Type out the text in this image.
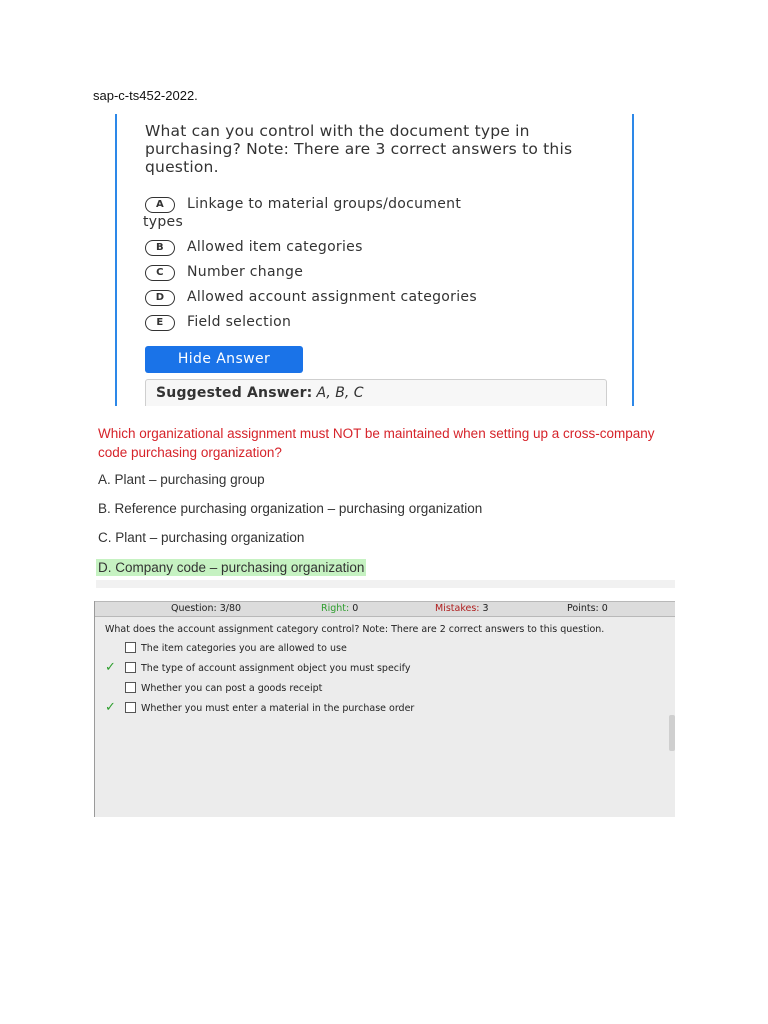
sap-c-ts452-2022.
What can you control with the document type in purchasing? Note: There are 3 correct answers to this question.
A Linkage to material groups/document
types
B Allowed item categories
C Number change
D Allowed account assignment categories
E Field selection
Hide Answer
Suggested Answer: A, B, C
Which organizational assignment must NOT be maintained when setting up a cross-company code purchasing organization?
A. Plant – purchasing group
B. Reference purchasing organization – purchasing organization
C. Plant – purchasing organization
D. Company code – purchasing organization
Question: 3/80	Right: 0	Mistakes: 3	Points: 0
What does the account assignment category control? Note: There are 2 correct answers to this question.
The item categories you are allowed to use
✓	The type of account assignment object you must specify
Whether you can post a goods receipt
✓	Whether you must enter a material in the purchase order
